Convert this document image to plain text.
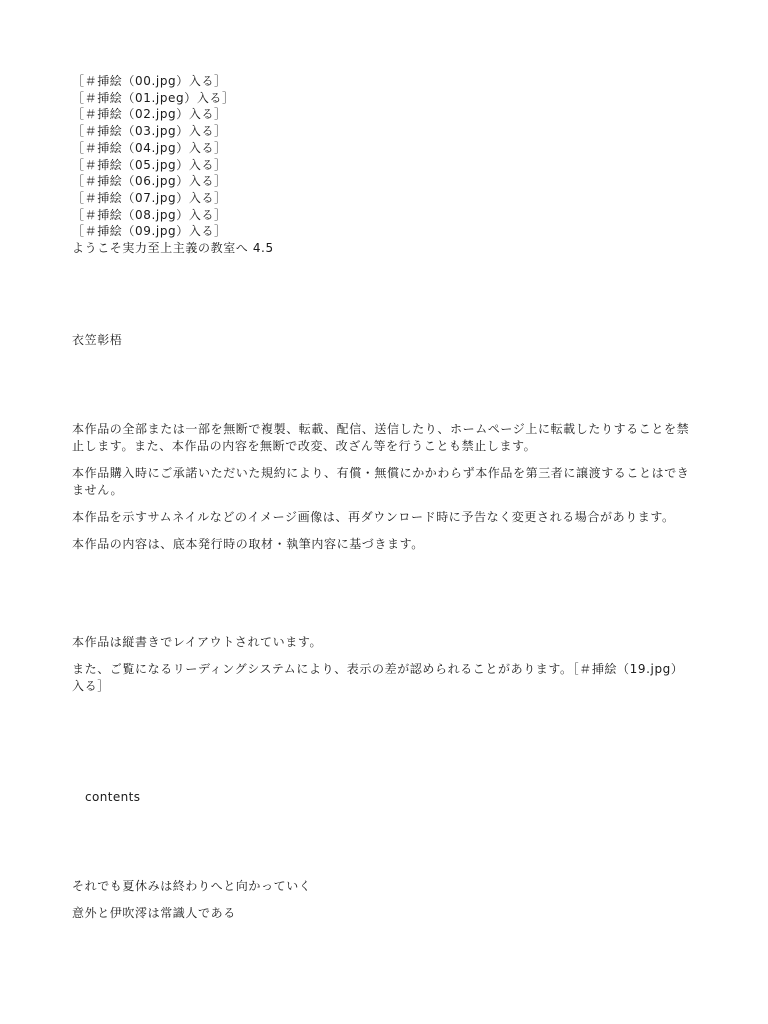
［＃挿絵（00.jpg）入る］
［＃挿絵（01.jpeg）入る］
［＃挿絵（02.jpg）入る］
［＃挿絵（03.jpg）入る］
［＃挿絵（04.jpg）入る］
［＃挿絵（05.jpg）入る］
［＃挿絵（06.jpg）入る］
［＃挿絵（07.jpg）入る］
［＃挿絵（08.jpg）入る］
［＃挿絵（09.jpg）入る］
ようこそ実力至上主義の教室へ 4.5
衣笠彰梧

本作品の全部または一部を無断で複製、転載、配信、送信したり、ホームページ上に転載したりすることを禁止します。また、本作品の内容を無断で改変、改ざん等を行うことも禁止します。

本作品購入時にご承諾いただいた規約により、有償・無償にかかわらず本作品を第三者に譲渡することはできません。

本作品を示すサムネイルなどのイメージ画像は、再ダウンロード時に予告なく変更される場合があります。

本作品の内容は、底本発行時の取材・執筆内容に基づきます。

本作品は縦書きでレイアウトされています。

また、ご覧になるリーディングシステムにより、表示の差が認められることがあります。［＃挿絵（19.jpg）入る］

contents

それでも夏休みは終わりへと向かっていく

意外と伊吹澪は常識人である
